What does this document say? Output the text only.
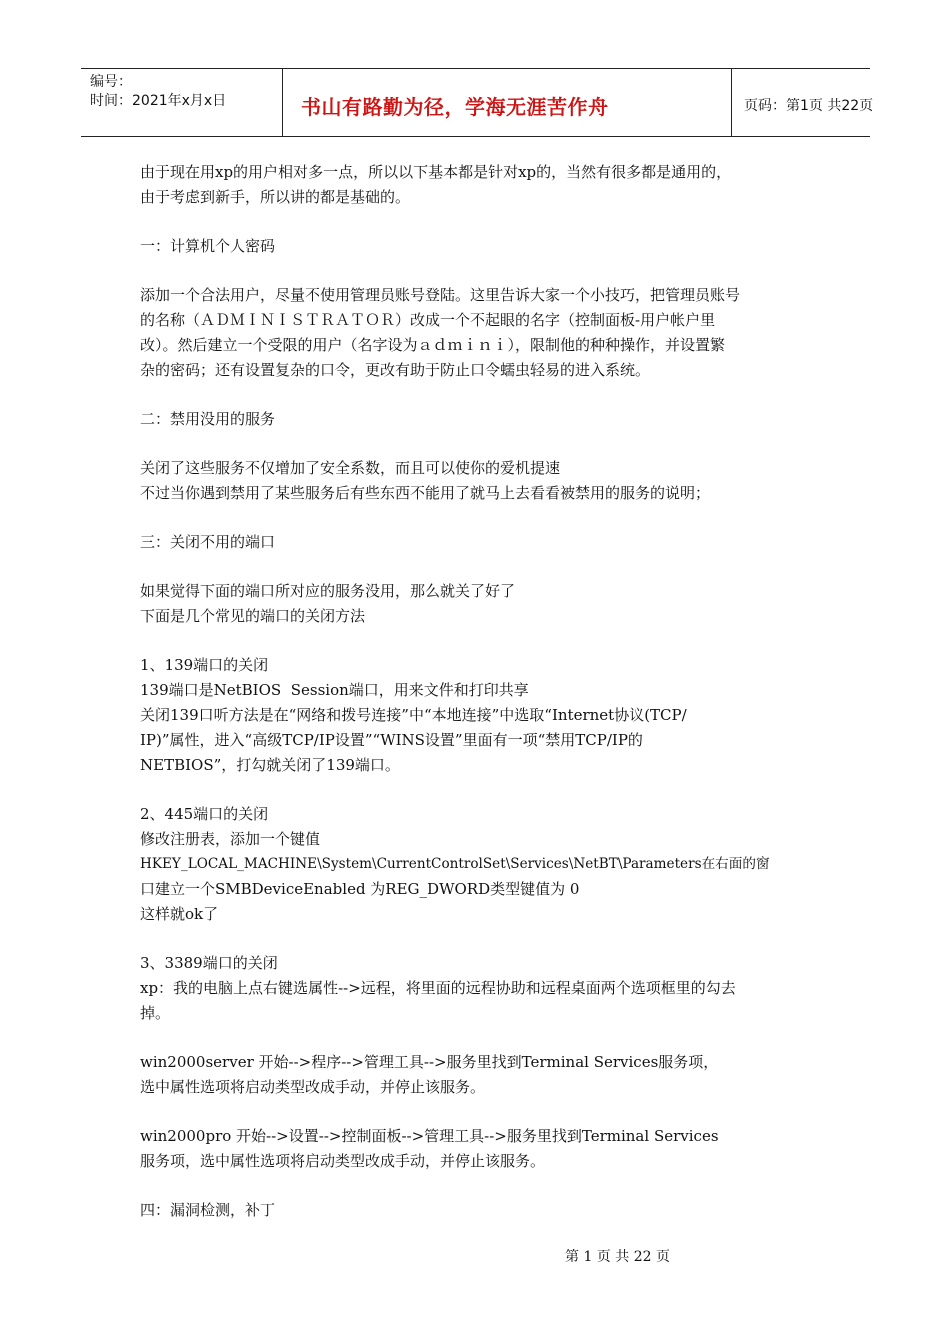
编号：
时间：2021年x月x日	书山有路勤为径，学海无涯苦作舟	页码：第1页 共22页

由于现在用xp的用户相对多一点，所以以下基本都是针对xp的，当然有很多都是通用的，

由于考虑到新手，所以讲的都是基础的。

一：计算机个人密码

添加一个合法用户，尽量不使用管理员账号登陆。这里告诉大家一个小技巧，把管理员账号

的名称（ＡＤＭＩＮＩＳＴＲＡＴＯＲ）改成一个不起眼的名字（控制面板-用户帐户里

改）。然后建立一个受限的用户（名字设为ａｄｍｉｎｉ），限制他的种种操作，并设置繁

杂的密码；还有设置复杂的口令，更改有助于防止口令蠕虫轻易的进入系统。

二：禁用没用的服务

关闭了这些服务不仅增加了安全系数，而且可以使你的爱机提速

不过当你遇到禁用了某些服务后有些东西不能用了就马上去看看被禁用的服务的说明；

三：关闭不用的端口

如果觉得下面的端口所对应的服务没用，那么就关了好了

下面是几个常见的端口的关闭方法

1、139端口的关闭

139端口是NetBIOS  Session端口，用来文件和打印共享

关闭139口听方法是在“网络和拨号连接”中“本地连接”中选取“Internet协议(TCP/

IP)”属性，进入“高级TCP/IP设置”“WINS设置”里面有一项“禁用TCP/IP的

NETBIOS”，打勾就关闭了139端口。

2、445端口的关闭

修改注册表，添加一个键值

HKEY_LOCAL_MACHINE\System\CurrentControlSet\Services\NetBT\Parameters在右面的窗

口建立一个SMBDeviceEnabled 为REG_DWORD类型键值为 0

这样就ok了

3、3389端口的关闭

xp：我的电脑上点右键选属性-->远程，将里面的远程协助和远程桌面两个选项框里的勾去

掉。

win2000server 开始-->程序-->管理工具-->服务里找到Terminal Services服务项，

选中属性选项将启动类型改成手动，并停止该服务。

win2000pro 开始-->设置-->控制面板-->管理工具-->服务里找到Terminal Services

服务项，选中属性选项将启动类型改成手动，并停止该服务。

四：漏洞检测，补丁

第 1 页 共 22 页
